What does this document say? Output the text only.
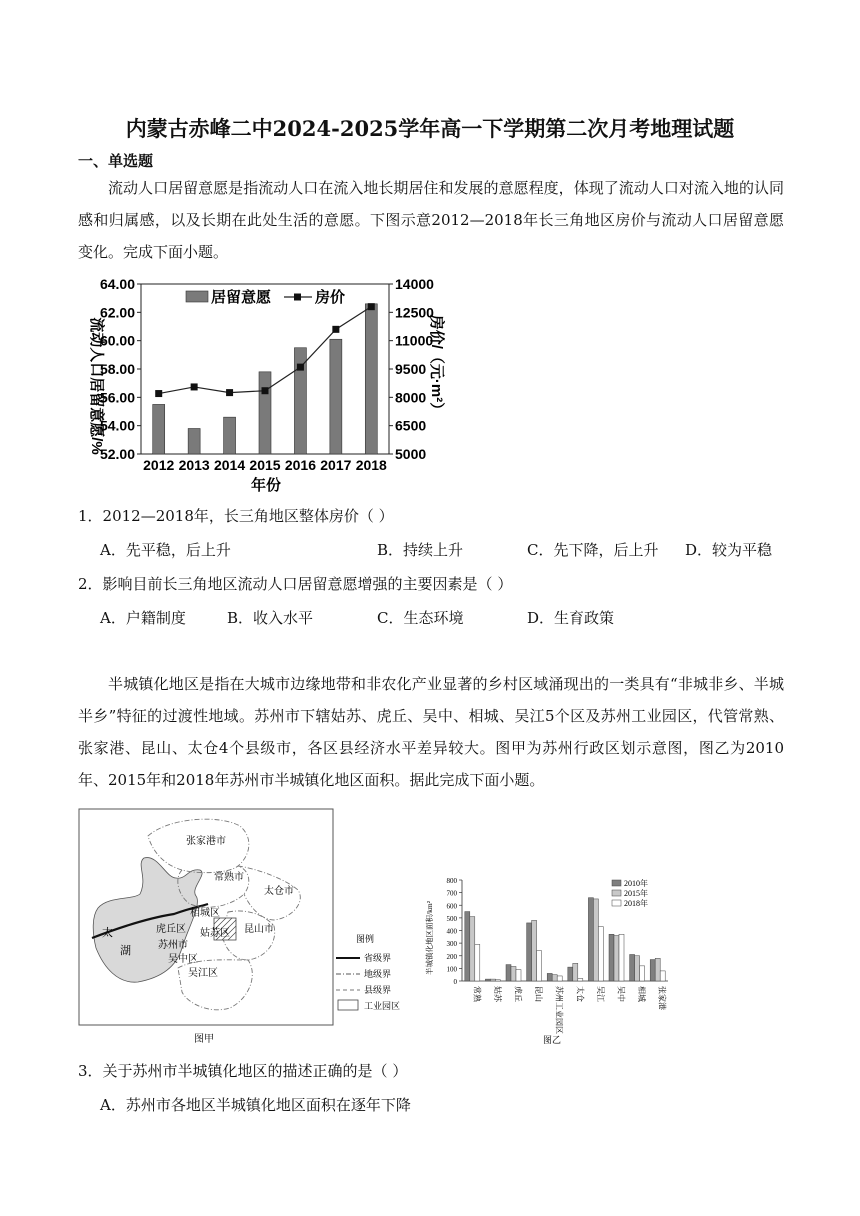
内蒙古赤峰二中2024-2025学年高一下学期第二次月考地理试题
一、单选题

流动人口居留意愿是指流动人口在流入地长期居住和发展的意愿程度，体现了流动人口对流入地的认同感和归属感，以及长期在此处生活的意愿。下图示意2012—2018年长三角地区房价与流动人口居留意愿变化。完成下面小题。

52.00
54.00
56.00
58.00
60.00
62.00
64.00
5000
6500
8000
9500
11000
12500
14000
2012 2013 2014 2015 2016 2017 2018
流动人口居留意愿/%	房价/（元·m²）
年份
居留意愿	房价
1．2012—2018年，长三角地区整体房价（ ）
A．先平稳，后上升	B．持续上升	C．先下降，后上升 D．较为平稳
2．影响目前长三角地区流动人口居留意愿增强的主要因素是（ ）
A．户籍制度	B．收入水平	C．生态环境	D．生育政策

半城镇化地区是指在大城市边缘地带和非农化产业显著的乡村区域涌现出的一类具有“非城非乡、半城半乡”特征的过渡性地域。苏州市下辖姑苏、虎丘、吴中、相城、吴江5个区及苏州工业园区，代管常熟、张家港、昆山、太仓4个县级市，各区县经济水平差异较大。图甲为苏州行政区划示意图，图乙为2010年、2015年和2018年苏州市半城镇化地区面积。据此完成下面小题。

张家港市
常熟市
太仓市
相城区
姑苏区 昆山市
虎丘区
苏州市
吴中区
吴江区
太
湖
图甲
图例
省级界
地级界
县级界
工业园区
0
100
200
300
400
500
600
700
800
常熟 姑苏 虎丘 昆山 苏州工业园区 太仓 吴江 吴中 相城 张家港
2010年
2015年
2018年
半城镇化地区面积/km²
图乙
3．关于苏州市半城镇化地区的描述正确的是（ ）
A．苏州市各地区半城镇化地区面积在逐年下降
